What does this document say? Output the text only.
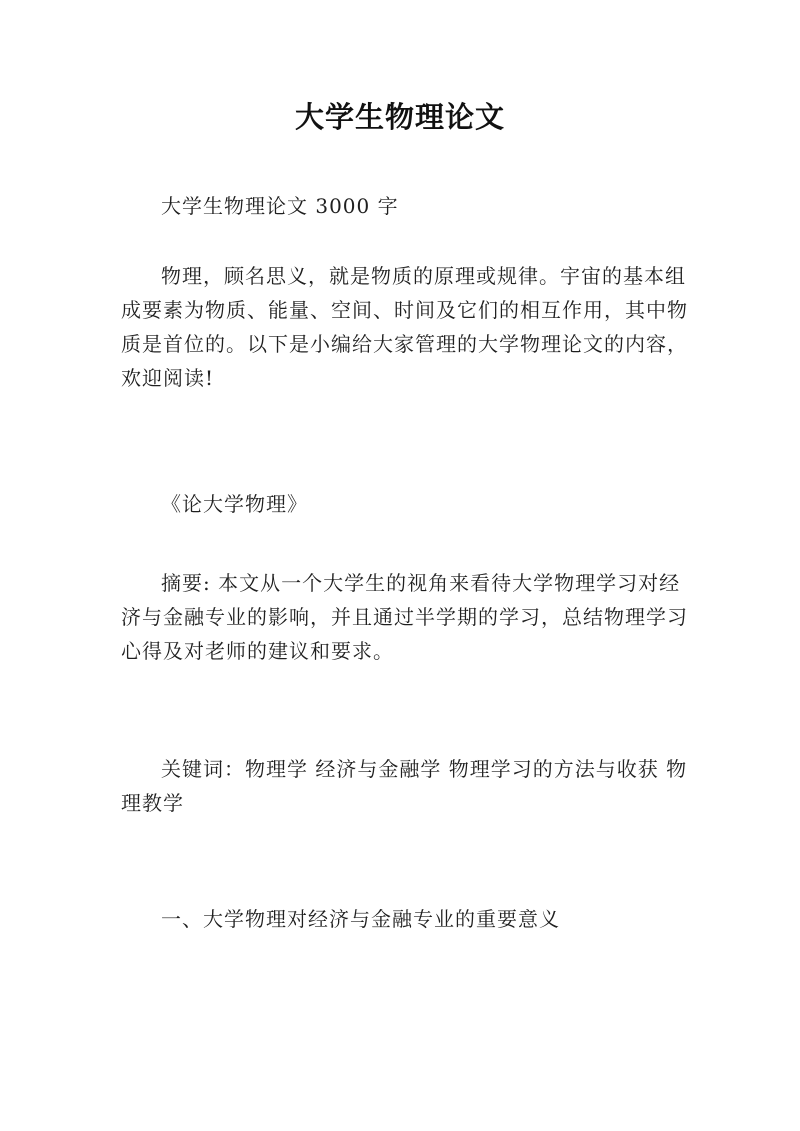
大学生物理论文
大学生物理论文 3000 字
物理，顾名思义，就是物质的原理或规律。宇宙的基本组成要素为物质、能量、空间、时间及它们的相互作用，其中物质是首位的。以下是小编给大家管理的大学物理论文的内容，欢迎阅读!
《论大学物理》
摘要: 本文从一个大学生的视角来看待大学物理学习对经济与金融专业的影响，并且通过半学期的学习，总结物理学习心得及对老师的建议和要求。
关键词：物理学 经济与金融学 物理学习的方法与收获 物理教学
一、大学物理对经济与金融专业的重要意义
